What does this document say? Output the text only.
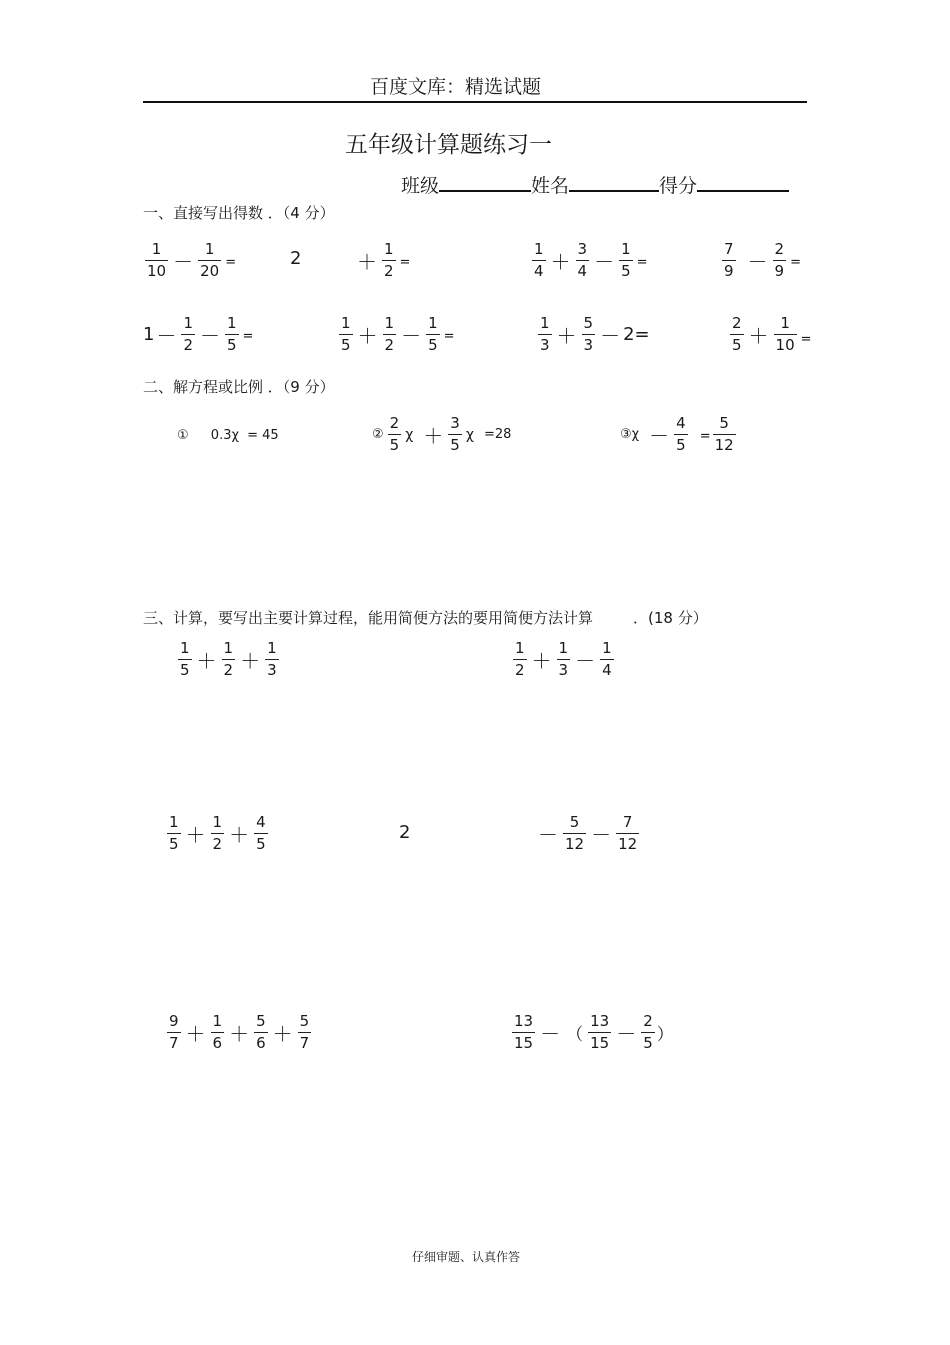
百度文库：精选试题
五年级计算题练习一
班级	姓名	得分
一、直接写出得数 ．（4 分）
$\frac{1}{10} - \frac{1}{20}$ =	2	＋ $\frac{1}{2}$ =	$\frac{1}{4} + \frac{3}{4} - \frac{1}{5}$ =	$\frac{7}{9} - \frac{2}{9}$ =
$1 - \frac{1}{2} - \frac{1}{5}$ =	$\frac{1}{5} + \frac{1}{2} - \frac{1}{5}$ =	$\frac{1}{3} + \frac{5}{3} - 2=$	$\frac{2}{5} + \frac{1}{10}$ =
二、解方程或比例 ．（9 分）
① 0.3χ = 45	② $\frac{2}{5}$ $\chi + \frac{3}{5}$ χ =28	③χ － $\frac{4}{5} = \frac{5}{12}$
三、计算，要写出主要计算过程，能用简便方法的要用简便方法计算	．(18 分）
$\frac{1}{5} + \frac{1}{2} + \frac{1}{3}$	$\frac{1}{2} + \frac{1}{3} - \frac{1}{4}$
$\frac{1}{5} + \frac{1}{2} + \frac{4}{5}$	2	－ $\frac{5}{12} - \frac{7}{12}$
$\frac{9}{7} + \frac{1}{6} + \frac{5}{6} + \frac{5}{7}$	$\frac{13}{15}$ － （ $\frac{13}{15} - \frac{2}{5}$ ）
仔细审题、认真作答
